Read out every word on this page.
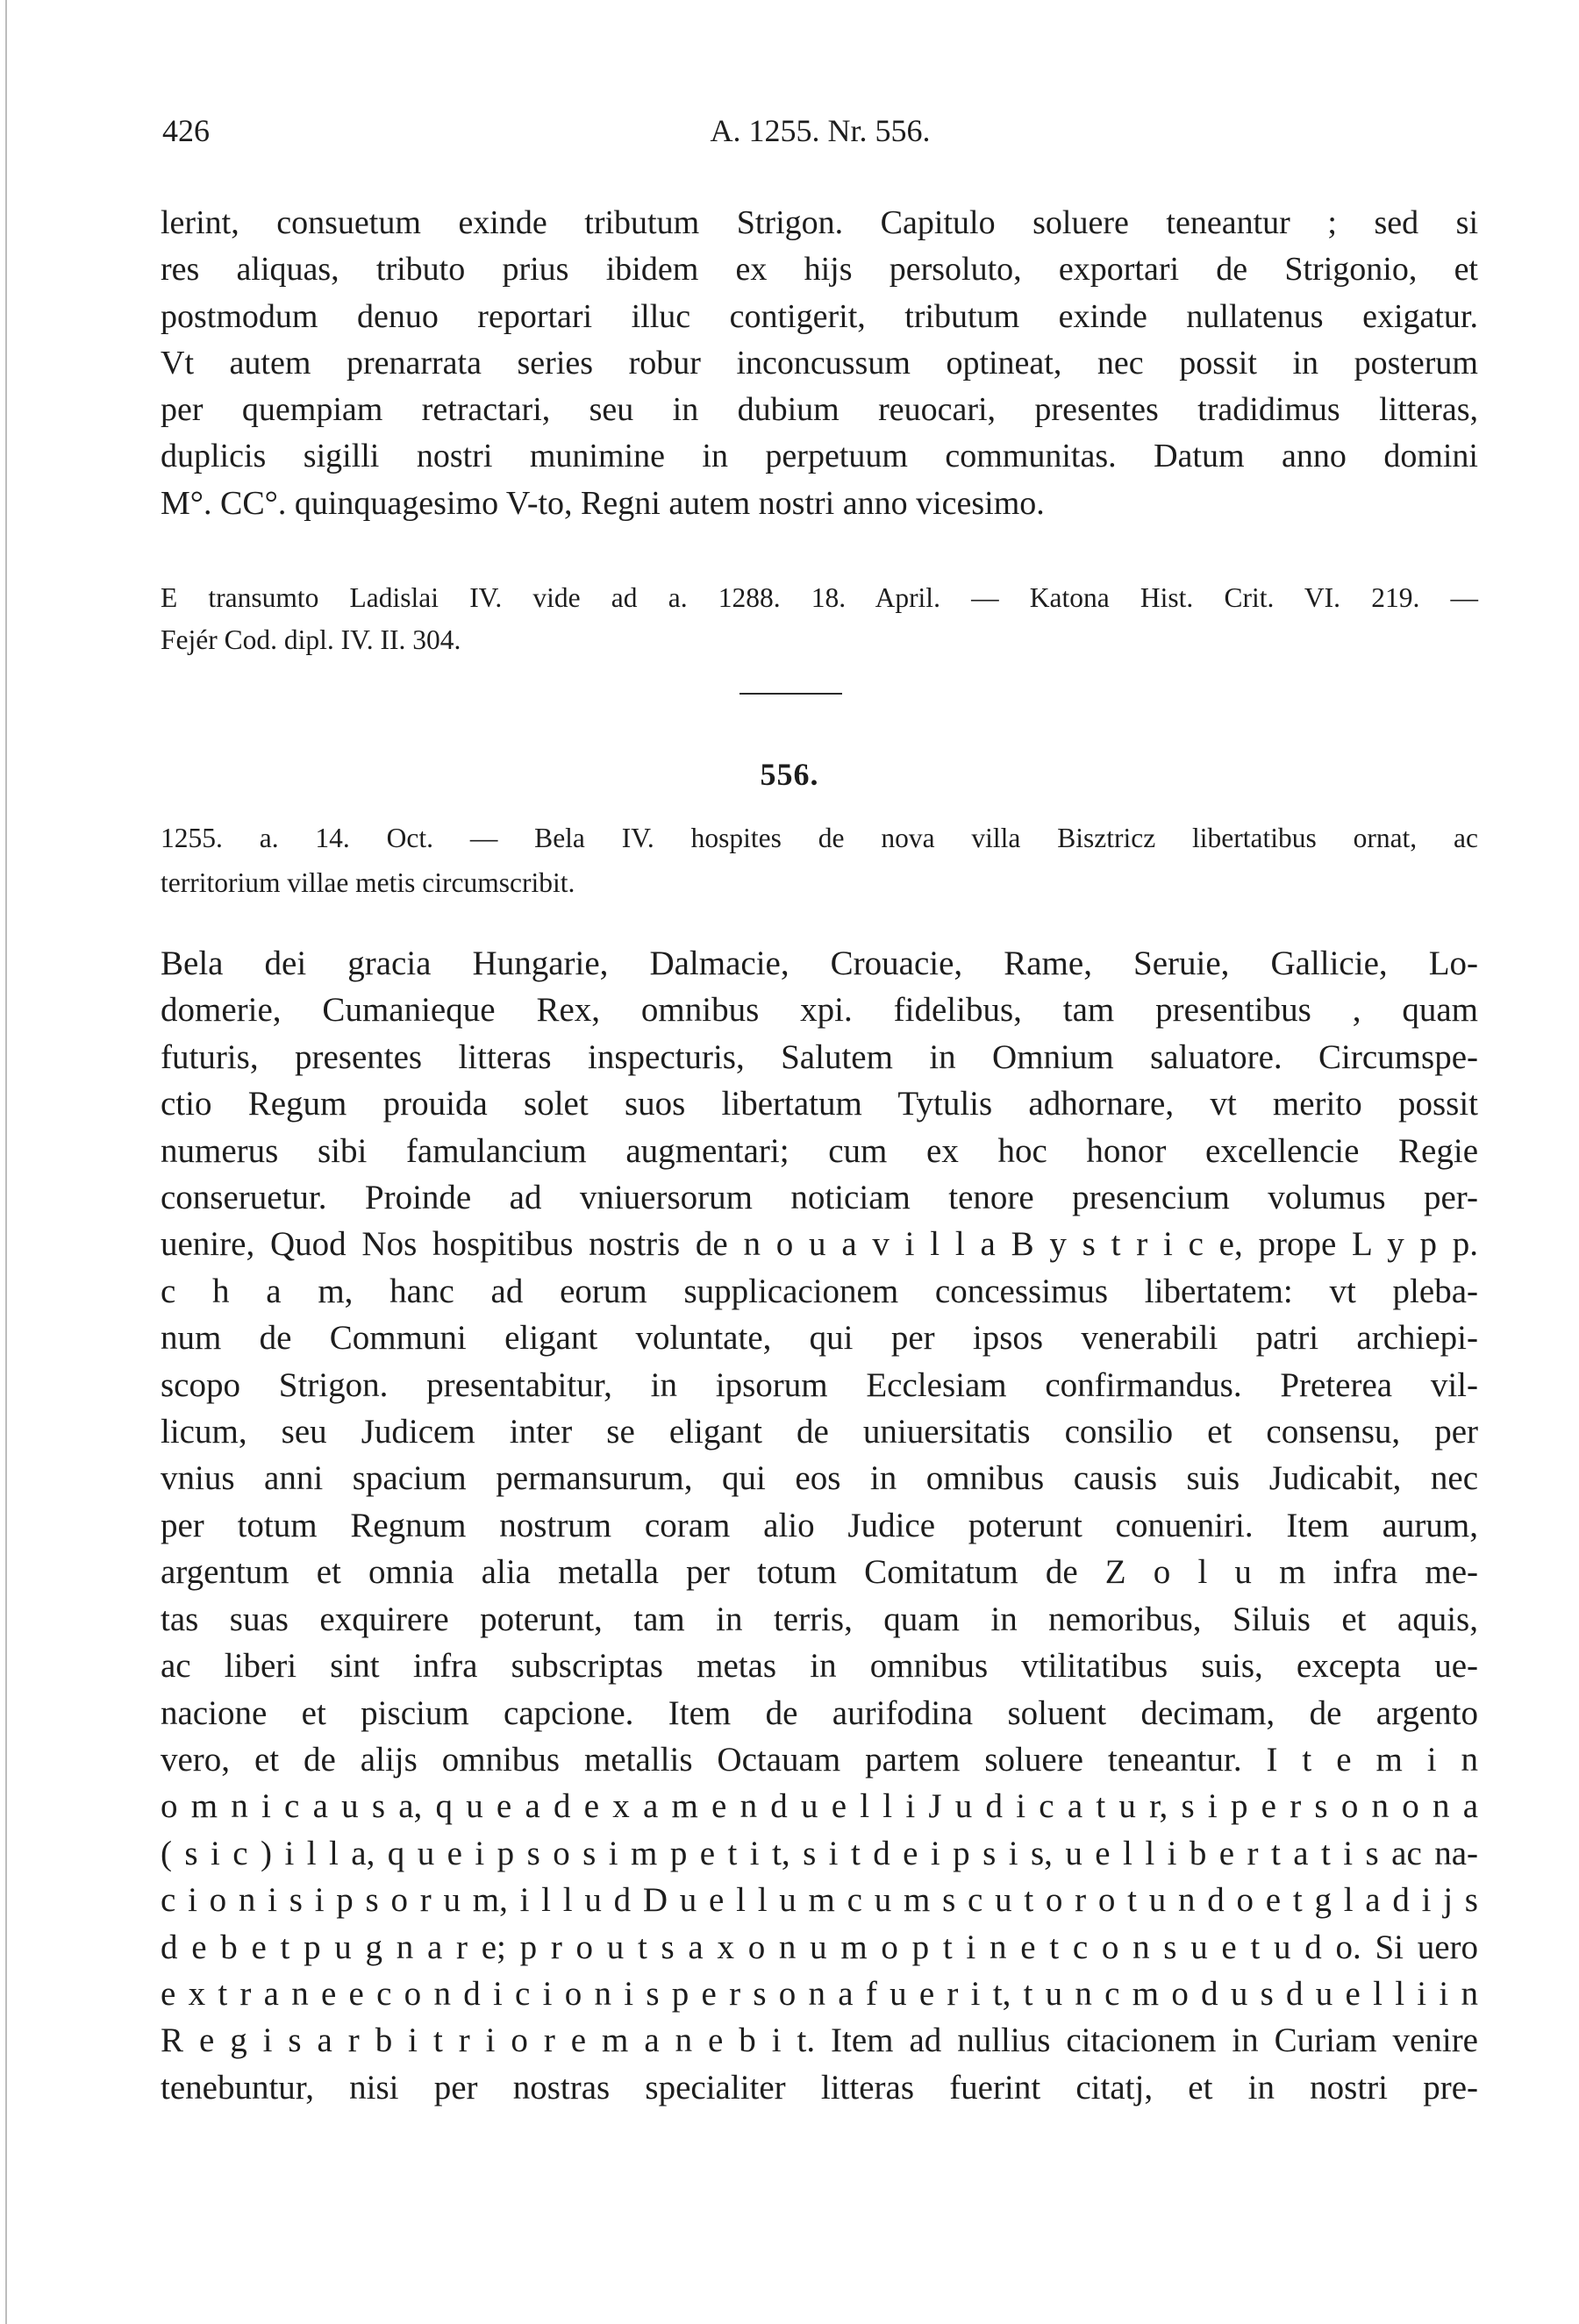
426	A. 1255. Nr. 556.
lerint, consuetum exinde tributum Strigon. Capitulo soluere teneantur ; sed si
res aliquas, tributo prius ibidem ex hijs persoluto, exportari de Strigonio, et
postmodum denuo reportari illuc contigerit, tributum exinde nullatenus exigatur.
Vt autem prenarrata series robur inconcussum optineat, nec possit in posterum
per quempiam retractari, seu in dubium reuocari, presentes tradidimus litteras,
duplicis sigilli nostri munimine in perpetuum communitas. Datum anno domini
M°. CC°. quinquagesimo V-to, Regni autem nostri anno vicesimo.
E transumto Ladislai IV. vide ad a. 1288. 18. April. — Katona Hist. Crit. VI. 219. —
Fejér Cod. dipl. IV. II. 304.
556.
1255. a. 14. Oct. — Bela IV. hospites de nova villa Bisztricz libertatibus ornat, ac
territorium villae metis circumscribit.
Bela dei gracia Hungarie, Dalmacie, Crouacie, Rame, Seruie, Gallicie, Lo-
domerie, Cumanieque Rex, omnibus xpi. fidelibus, tam presentibus , quam
futuris, presentes litteras inspecturis, Salutem in Omnium saluatore. Circumspe-
ctio Regum prouida solet suos libertatum Tytulis adhornare, vt merito possit
numerus sibi famulancium augmentari; cum ex hoc honor excellencie Regie
conseruetur. Proinde ad vniuersorum noticiam tenore presencium volumus per-
uenire, Quod Nos hospitibus nostris de n o u a v i l l a B y s t r i c e, prope L y p p.
c h a m, hanc ad eorum supplicacionem concessimus libertatem: vt pleba-
num de Communi eligant voluntate, qui per ipsos venerabili patri archiepi-
scopo Strigon. presentabitur, in ipsorum Ecclesiam confirmandus. Preterea vil-
licum, seu Judicem inter se eligant de uniuersitatis consilio et consensu, per
vnius anni spacium permansurum, qui eos in omnibus causis suis Judicabit, nec
per totum Regnum nostrum coram alio Judice poterunt conueniri. Item aurum,
argentum et omnia alia metalla per totum Comitatum de Z o l u m infra me-
tas suas exquirere poterunt, tam in terris, quam in nemoribus, Siluis et aquis,
ac liberi sint infra subscriptas metas in omnibus vtilitatibus suis, excepta ue-
nacione et piscium capcione. Item de aurifodina soluent decimam, de argento
vero, et de alijs omnibus metallis Octauam partem soluere teneantur. I t e m i n
o m n i c a u s a, q u e a d e x a m e n d u e l l i J u d i c a t u r, s i p e r s o n o n a
( s i c ) i l l a, q u e i p s o s i m p e t i t, s i t d e i p s i s, u e l l i b e r t a t i s ac na-
c i o n i s i p s o r u m, i l l u d D u e l l u m c u m s c u t o r o t u n d o e t g l a d i j s
d e b e t p u g n a r e; p r o u t s a x o n u m o p t i n e t c o n s u e t u d o. Si uero
e x t r a n e e c o n d i c i o n i s p e r s o n a f u e r i t, t u n c m o d u s d u e l l i i n
R e g i s a r b i t r i o r e m a n e b i t. Item ad nullius citacionem in Curiam venire
tenebuntur, nisi per nostras specialiter litteras fuerint citatj, et in nostri pre-
